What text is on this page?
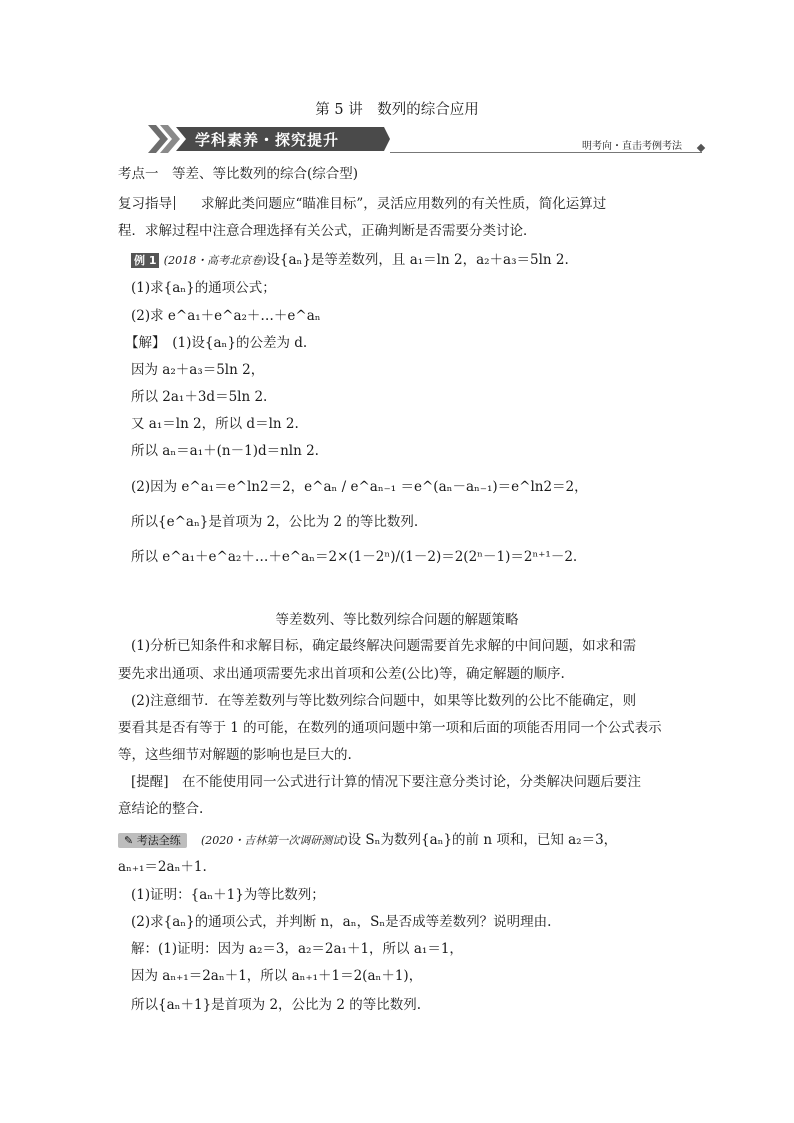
第 5 讲　数列的综合应用
学科素养・探究提升	明考向・直击考例考法
考点一　等差、等比数列的综合(综合型)
复习指导 求解此类问题应“瞄准目标”，灵活应用数列的有关性质，简化运算过
程．求解过程中注意合理选择有关公式，正确判断是否需要分类讨论．
例 1 (2018・高考北京卷)设{aₙ}是等差数列，且 a₁＝ln 2，a₂＋a₃＝5ln 2.
(1)求{aₙ}的通项公式；
(2)求 e^a₁＋e^a₂＋…＋e^aₙ
【解】　(1)设{aₙ}的公差为 d.
因为 a₂＋a₃＝5ln 2，
所以 2a₁＋3d＝5ln 2.
又 a₁＝ln 2，所以 d＝ln 2.
所以 aₙ＝a₁＋(n－1)d＝nln 2.
(2)因为 e^a₁＝e^ln2＝2，e^aₙ / e^aₙ₋₁ ＝e^(aₙ－aₙ₋₁)＝e^ln2＝2，
所以{e^aₙ}是首项为 2，公比为 2 的等比数列.
所以 e^a₁＋e^a₂＋…＋e^aₙ＝2×(1－2ⁿ)/(1－2)＝2(2ⁿ－1)＝2ⁿ⁺¹－2.
等差数列、等比数列综合问题的解题策略
(1)分析已知条件和求解目标，确定最终解决问题需要首先求解的中间问题，如求和需
要先求出通项、求出通项需要先求出首项和公差(公比)等，确定解题的顺序.
(2)注意细节．在等差数列与等比数列综合问题中，如果等比数列的公比不能确定，则
要看其是否有等于 1 的可能，在数列的通项问题中第一项和后面的项能否用同一个公式表示
等，这些细节对解题的影响也是巨大的.
[提醒]　在不能使用同一公式进行计算的情况下要注意分类讨论，分类解决问题后要注
意结论的整合.
✎ 考法全练 (2020・吉林第一次调研测试)设 Sₙ为数列{aₙ}的前 n 项和，已知 a₂＝3，
aₙ₊₁＝2aₙ＋1.
(1)证明：{aₙ＋1}为等比数列；
(2)求{aₙ}的通项公式，并判断 n，aₙ，Sₙ是否成等差数列？说明理由.
解：(1)证明：因为 a₂＝3，a₂＝2a₁＋1，所以 a₁＝1，
因为 aₙ₊₁＝2aₙ＋1，所以 aₙ₊₁＋1＝2(aₙ＋1)，
所以{aₙ＋1}是首项为 2，公比为 2 的等比数列.
